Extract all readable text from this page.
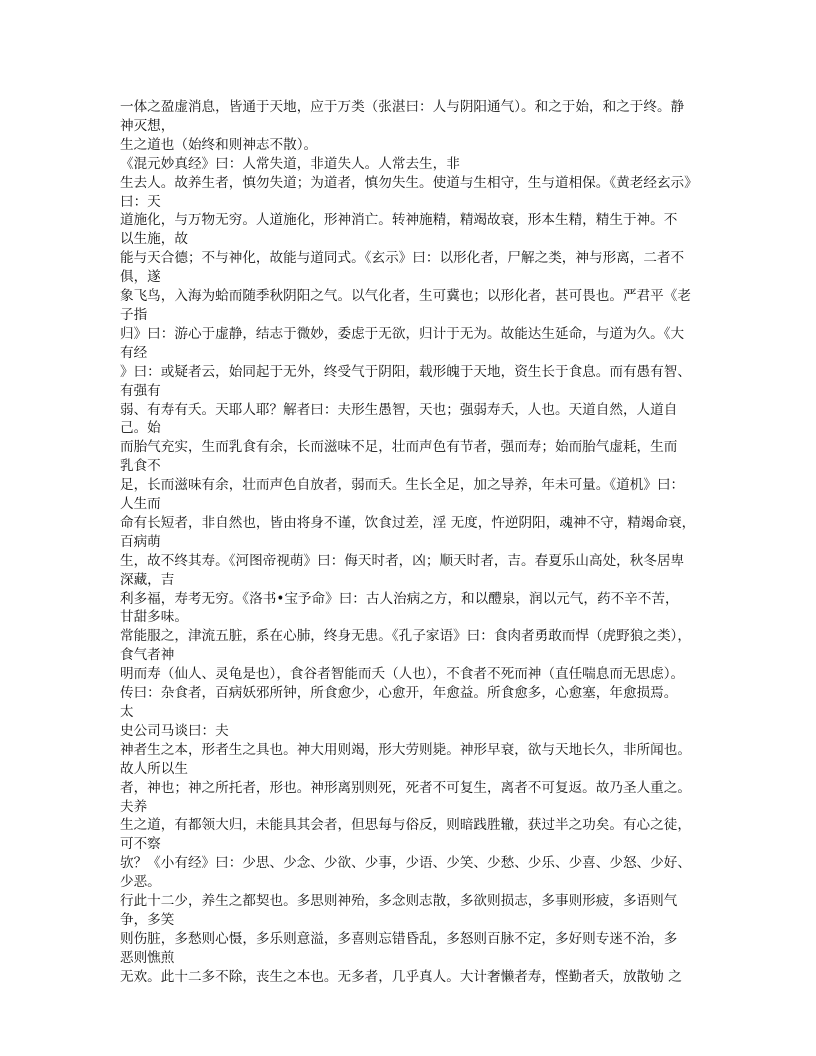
一体之盈虚消息，皆通于天地，应于万类（张湛曰：人与阴阳通气）。和之于始，和之于终。静
神灭想，
生之道也（始终和则神志不散）。
《混元妙真经》曰：人常失道，非道失人。人常去生，非
生去人。故养生者，慎勿失道；为道者，慎勿失生。使道与生相守，生与道相保。《黄老经玄示》
曰：天
道施化，与万物无穷。人道施化，形神消亡。转神施精，精竭故衰，形本生精，精生于神。不
以生施，故
能与天合德；不与神化，故能与道同式。《玄示》曰：以形化者，尸解之类，神与形离，二者不
俱，遂
象飞鸟，入海为蛤而随季秋阴阳之气。以气化者，生可冀也；以形化者，甚可畏也。严君平《老
子指
归》曰：游心于虚静，结志于微妙，委虑于无欲，归计于无为。故能达生延命，与道为久。《大
有经
》曰：或疑者云，始同起于无外，终受气于阴阳，载形魄于天地，资生长于食息。而有愚有智、
有强有
弱、有寿有夭。天耶人耶？解者曰：夫形生愚智，天也；强弱寿夭，人也。天道自然，人道自
己。始
而胎气充实，生而乳食有余，长而滋味不足，壮而声色有节者，强而寿；始而胎气虚耗，生而
乳食不
足，长而滋味有余，壮而声色自放者，弱而夭。生长全足，加之导养，年未可量。《道机》曰：
人生而
命有长短者，非自然也，皆由将身不谨，饮食过差，淫 无度，忤逆阴阳，魂神不守，精竭命衰，
百病萌
生，故不终其寿。《河图帝视萌》曰：侮天时者，凶；顺天时者，吉。春夏乐山高处，秋冬居卑
深藏，吉
利多福，寿考无穷。《洛书•宝予命》曰：古人治病之方，和以醴泉，润以元气，药不辛不苦，
甘甜多味。
常能服之，津流五脏，系在心肺，终身无患。《孔子家语》曰：食肉者勇敢而悍（虎野狼之类），
食气者神
明而寿（仙人、灵龟是也），食谷者智能而夭（人也），不食者不死而神（直任喘息而无思虑）。
传曰：杂食者，百病妖邪所钟，所食愈少，心愈开，年愈益。所食愈多，心愈塞，年愈损焉。
太
史公司马谈曰：夫
神者生之本，形者生之具也。神大用则竭，形大劳则毙。神形早衰，欲与天地长久，非所闻也。
故人所以生
者，神也；神之所托者，形也。神形离别则死，死者不可复生，离者不可复返。故乃圣人重之。
夫养
生之道，有都领大归，未能具其会者，但思每与俗反，则暗践胜辙，获过半之功矣。有心之徒，
可不察
欤？《小有经》曰：少思、少念、少欲、少事，少语、少笑、少愁、少乐、少喜、少怒、少好、
少恶。
行此十二少，养生之都契也。多思则神殆，多念则志散，多欲则损志，多事则形疲，多语则气
争，多笑
则伤脏，多愁则心慑，多乐则意溢，多喜则忘错昏乱，多怒则百脉不定，多好则专迷不治，多
恶则憔煎
无欢。此十二多不除，丧生之本也。无多者，几乎真人。大计奢懒者寿，悭勤者夭，放散劬 之
